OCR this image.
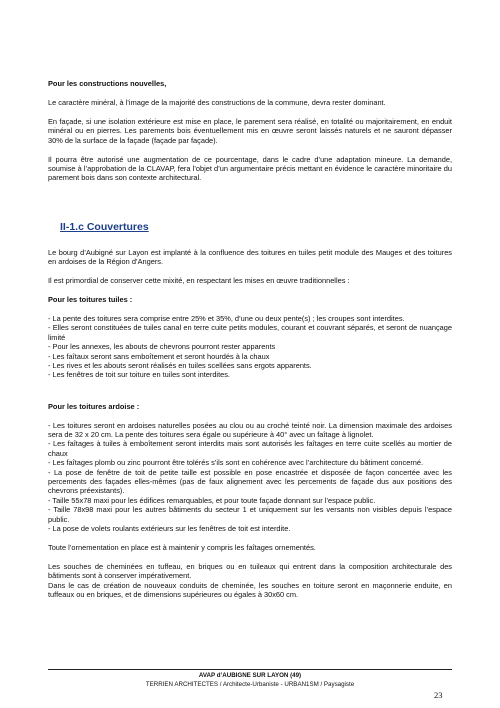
Pour les constructions nouvelles,

Le caractère minéral, à l’image de la majorité des constructions de la commune, devra rester dominant.

En façade, si une isolation extérieure est mise en place, le parement sera réalisé, en totalité ou majoritairement, en enduit minéral ou en pierres. Les parements bois éventuellement mis en œuvre seront laissés naturels et ne sauront dépasser 30% de la surface de la façade (façade par façade).

Il pourra être autorisé une augmentation de ce pourcentage, dans le cadre d’une adaptation mineure. La demande, soumise à l’approbation de la CLAVAP, fera l’objet d’un argumentaire précis mettant en évidence le caractère minoritaire du parement bois dans son contexte architectural.

II-1.c Couvertures

Le bourg d’Aubigné sur Layon est implanté à la confluence des toitures en tuiles petit module des Mauges et des toitures en ardoises de la Région d’Angers.

Il est primordial de conserver cette mixité, en respectant les mises en œuvre traditionnelles :

Pour les toitures tuiles :

- La pente des toitures sera comprise entre 25% et 35%, d’une ou deux pente(s) ; les croupes sont interdites.

- Elles seront constituées de tuiles canal en terre cuite petits modules, courant et couvrant séparés, et seront de nuançage limité

- Pour les annexes, les abouts de chevrons pourront rester apparents

- Les faîtaux seront sans emboîtement et seront hourdés à la chaux

- Les rives et les abouts seront réalisés en tuiles scellées sans ergots apparents.

- Les fenêtres de toit sur toiture en tuiles sont interdites.

Pour les toitures ardoise :

- Les toitures seront en ardoises naturelles posées au clou ou au croché teinté noir. La dimension maximale des ardoises sera de 32 x 20 cm. La pente des toitures sera égale ou supérieure à 40° avec un faîtage à lignolet.

- Les faîtages à tuiles à emboîtement seront interdits mais sont autorisés les faîtages en terre cuite scellés au mortier de chaux

- Les faîtages plomb ou zinc pourront être tolérés s’ils sont en cohérence avec l’architecture du bâtiment concerné.

- La pose de fenêtre de toit de petite taille est possible en pose encastrée et disposée de façon concertée avec les percements des façades elles-mêmes (pas de faux alignement avec les percements de façade dus aux positions des chevrons préexistants).

- Taille 55x78 maxi pour les édifices remarquables, et pour toute façade donnant sur l’espace public.

- Taille 78x98 maxi pour les autres bâtiments du secteur 1 et uniquement sur les versants non visibles depuis l’espace public.

- La pose de volets roulants extérieurs sur les fenêtres de toit est interdite.

Toute l’ornementation en place est à maintenir y compris les faîtages ornementés.

Les souches de cheminées en tuffeau, en briques ou en tuileaux qui entrent dans la composition architecturale des bâtiments sont à conserver impérativement.

Dans le cas de création de nouveaux conduits de cheminée, les souches en toiture seront en maçonnerie enduite, en tuffeaux ou en briques, et de dimensions supérieures ou égales à 30x60 cm.

AVAP d’AUBIGNE SUR LAYON (49)
TERRIEN ARCHITECTES / Architecte-Urbaniste - URBAN1SM / Paysagiste
23
